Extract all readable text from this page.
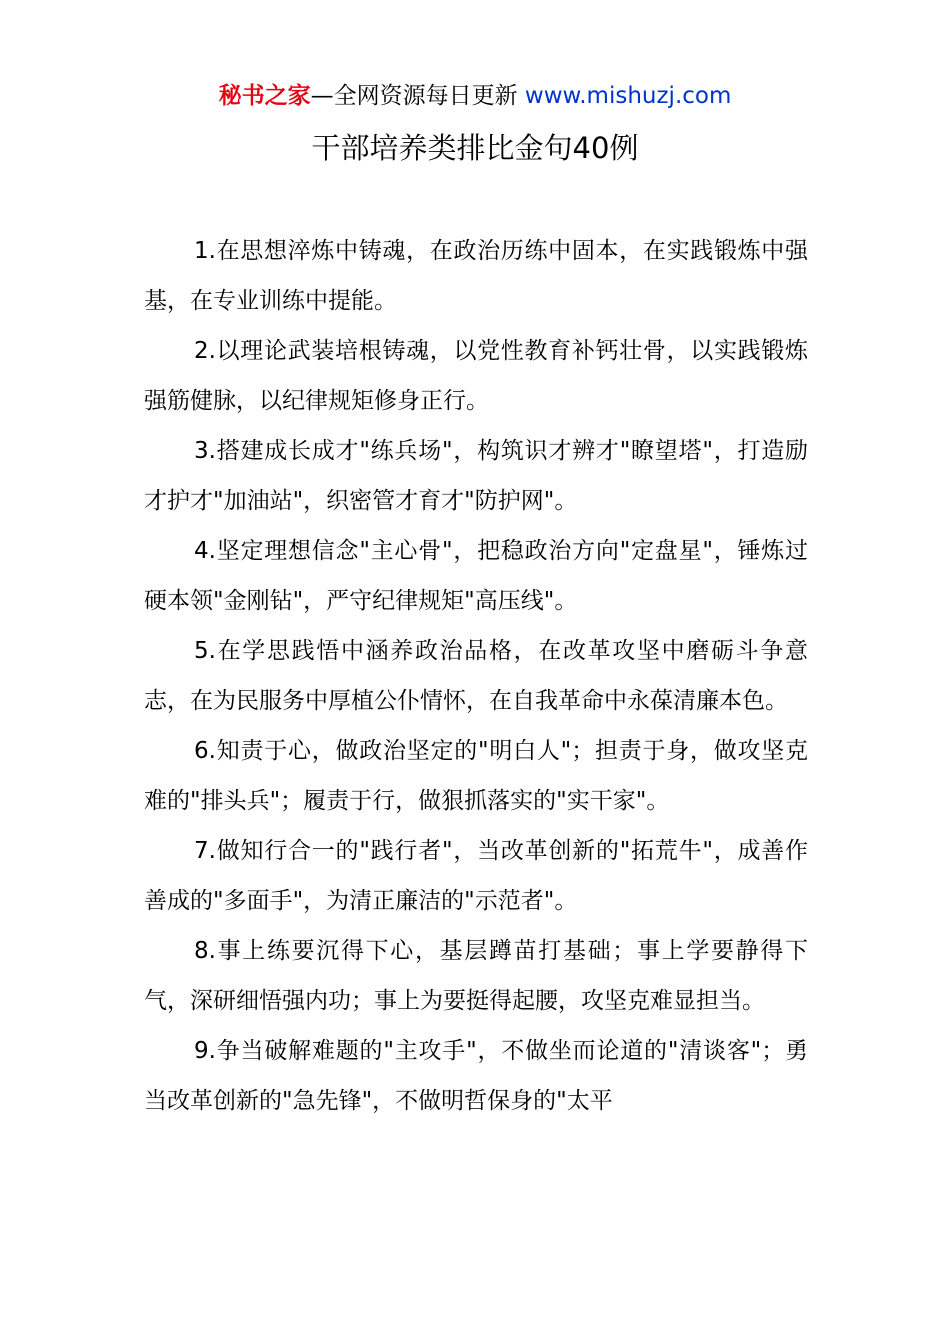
秘书之家—全网资源每日更新 www.mishuzj.com
干部培养类排比金句40例

1.在思想淬炼中铸魂，在政治历练中固本，在实践锻炼中强基，在专业训练中提能。

2.以理论武装培根铸魂，以党性教育补钙壮骨，以实践锻炼强筋健脉，以纪律规矩修身正行。

3.搭建成长成才"练兵场"，构筑识才辨才"瞭望塔"，打造励才护才"加油站"，织密管才育才"防护网"。

4.坚定理想信念"主心骨"，把稳政治方向"定盘星"，锤炼过硬本领"金刚钻"，严守纪律规矩"高压线"。

5.在学思践悟中涵养政治品格，在改革攻坚中磨砺斗争意志，在为民服务中厚植公仆情怀，在自我革命中永葆清廉本色。

6.知责于心，做政治坚定的"明白人"；担责于身，做攻坚克难的"排头兵"；履责于行，做狠抓落实的"实干家"。

7.做知行合一的"践行者"，当改革创新的"拓荒牛"，成善作善成的"多面手"，为清正廉洁的"示范者"。

8.事上练要沉得下心，基层蹲苗打基础；事上学要静得下气，深研细悟强内功；事上为要挺得起腰，攻坚克难显担当。

9.争当破解难题的"主攻手"，不做坐而论道的"清谈客"；勇当改革创新的"急先锋"，不做明哲保身的"太平
